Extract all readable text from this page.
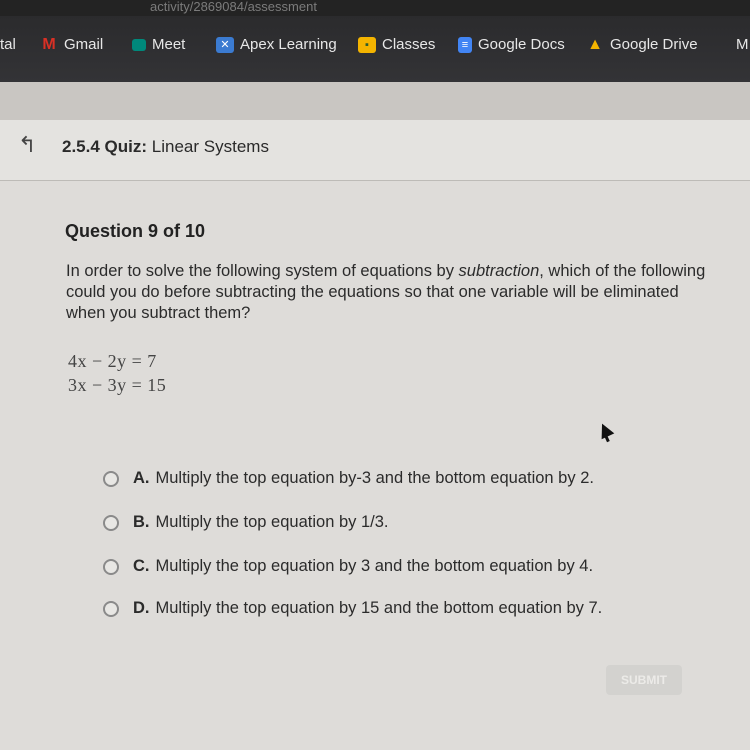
activity/2869084/assessment
tal M Gmail	Meet	✕ Apex Learning	▪ Classes	≡ Google Docs ▲ Google Drive	M
↰ 2.5.4 Quiz: Linear Systems
Question 9 of 10
In order to solve the following system of equations by subtraction, which of the following could you do before subtracting the equations so that one variable will be eliminated when you subtract them?
4x − 2y = 7
3x − 3y = 15
A. Multiply the top equation by-3 and the bottom equation by 2.
B. Multiply the top equation by 1/3.
C. Multiply the top equation by 3 and the bottom equation by 4.
D. Multiply the top equation by 15 and the bottom equation by 7.
SUBMIT
